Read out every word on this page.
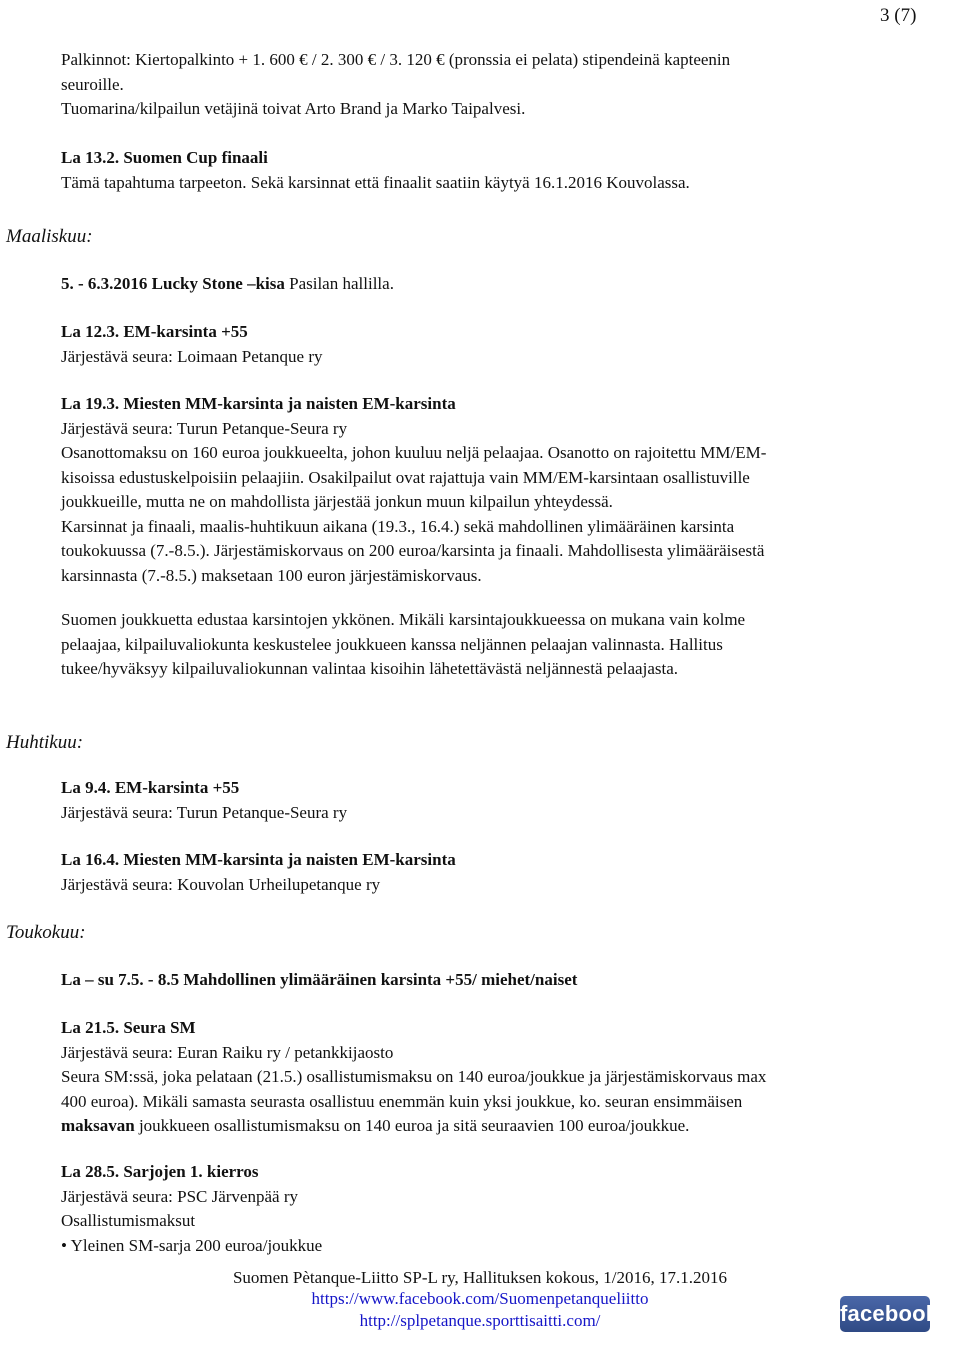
3 (7)
Maaliskuu:
Huhtikuu:
Toukokuu:
Palkinnot: Kiertopalkinto + 1. 600 € / 2. 300 € / 3. 120 € (pronssia ei pelata) stipendeinä kapteenin
seuroille.
Tuomarina/kilpailun vetäjinä toivat Arto Brand ja Marko Taipalvesi.
La 13.2. Suomen Cup finaali
Tämä tapahtuma tarpeeton. Sekä karsinnat että finaalit saatiin käytyä 16.1.2016 Kouvolassa.
5. - 6.3.2016 Lucky Stone –kisa Pasilan hallilla.
La 12.3. EM-karsinta +55
Järjestävä seura: Loimaan Petanque ry
La 19.3. Miesten MM-karsinta ja naisten EM-karsinta
Järjestävä seura: Turun Petanque-Seura ry
Osanottomaksu on 160 euroa joukkueelta, johon kuuluu neljä pelaajaa. Osanotto on rajoitettu MM/EM-
kisoissa edustuskelpoisiin pelaajiin. Osakilpailut ovat rajattuja vain MM/EM-karsintaan osallistuville
joukkueille, mutta ne on mahdollista järjestää jonkun muun kilpailun yhteydessä.
Karsinnat ja finaali, maalis-huhtikuun aikana (19.3., 16.4.) sekä mahdollinen ylimääräinen karsinta
toukokuussa (7.-8.5.). Järjestämiskorvaus on 200 euroa/karsinta ja finaali. Mahdollisesta ylimääräisestä
karsinnasta (7.-8.5.) maksetaan 100 euron järjestämiskorvaus.
Suomen joukkuetta edustaa karsintojen ykkönen. Mikäli karsintajoukkueessa on mukana vain kolme
pelaajaa, kilpailuvaliokunta keskustelee joukkueen kanssa neljännen pelaajan valinnasta. Hallitus
tukee/hyväksyy kilpailuvaliokunnan valintaa kisoihin lähetettävästä neljännestä pelaajasta.
La 9.4. EM-karsinta +55
Järjestävä seura: Turun Petanque-Seura ry
La 16.4. Miesten MM-karsinta ja naisten EM-karsinta
Järjestävä seura: Kouvolan Urheilupetanque ry
La – su 7.5. - 8.5 Mahdollinen ylimääräinen karsinta +55/ miehet/naiset
La 21.5. Seura SM
Järjestävä seura: Euran Raiku ry / petankkijaosto
Seura SM:ssä, joka pelataan (21.5.) osallistumismaksu on 140 euroa/joukkue ja järjestämiskorvaus max
400 euroa). Mikäli samasta seurasta osallistuu enemmän kuin yksi joukkue, ko. seuran ensimmäisen
maksavan joukkueen osallistumismaksu on 140 euroa ja sitä seuraavien 100 euroa/joukkue.
La 28.5. Sarjojen 1. kierros
Järjestävä seura: PSC Järvenpää ry
Osallistumismaksut
• Yleinen SM-sarja 200 euroa/joukkue
Suomen Pètanque-Liitto SP-L ry, Hallituksen kokous, 1/2016, 17.1.2016
https://www.facebook.com/Suomenpetanqueliitto
http://splpetanque.sporttisaitti.com/	facebook
